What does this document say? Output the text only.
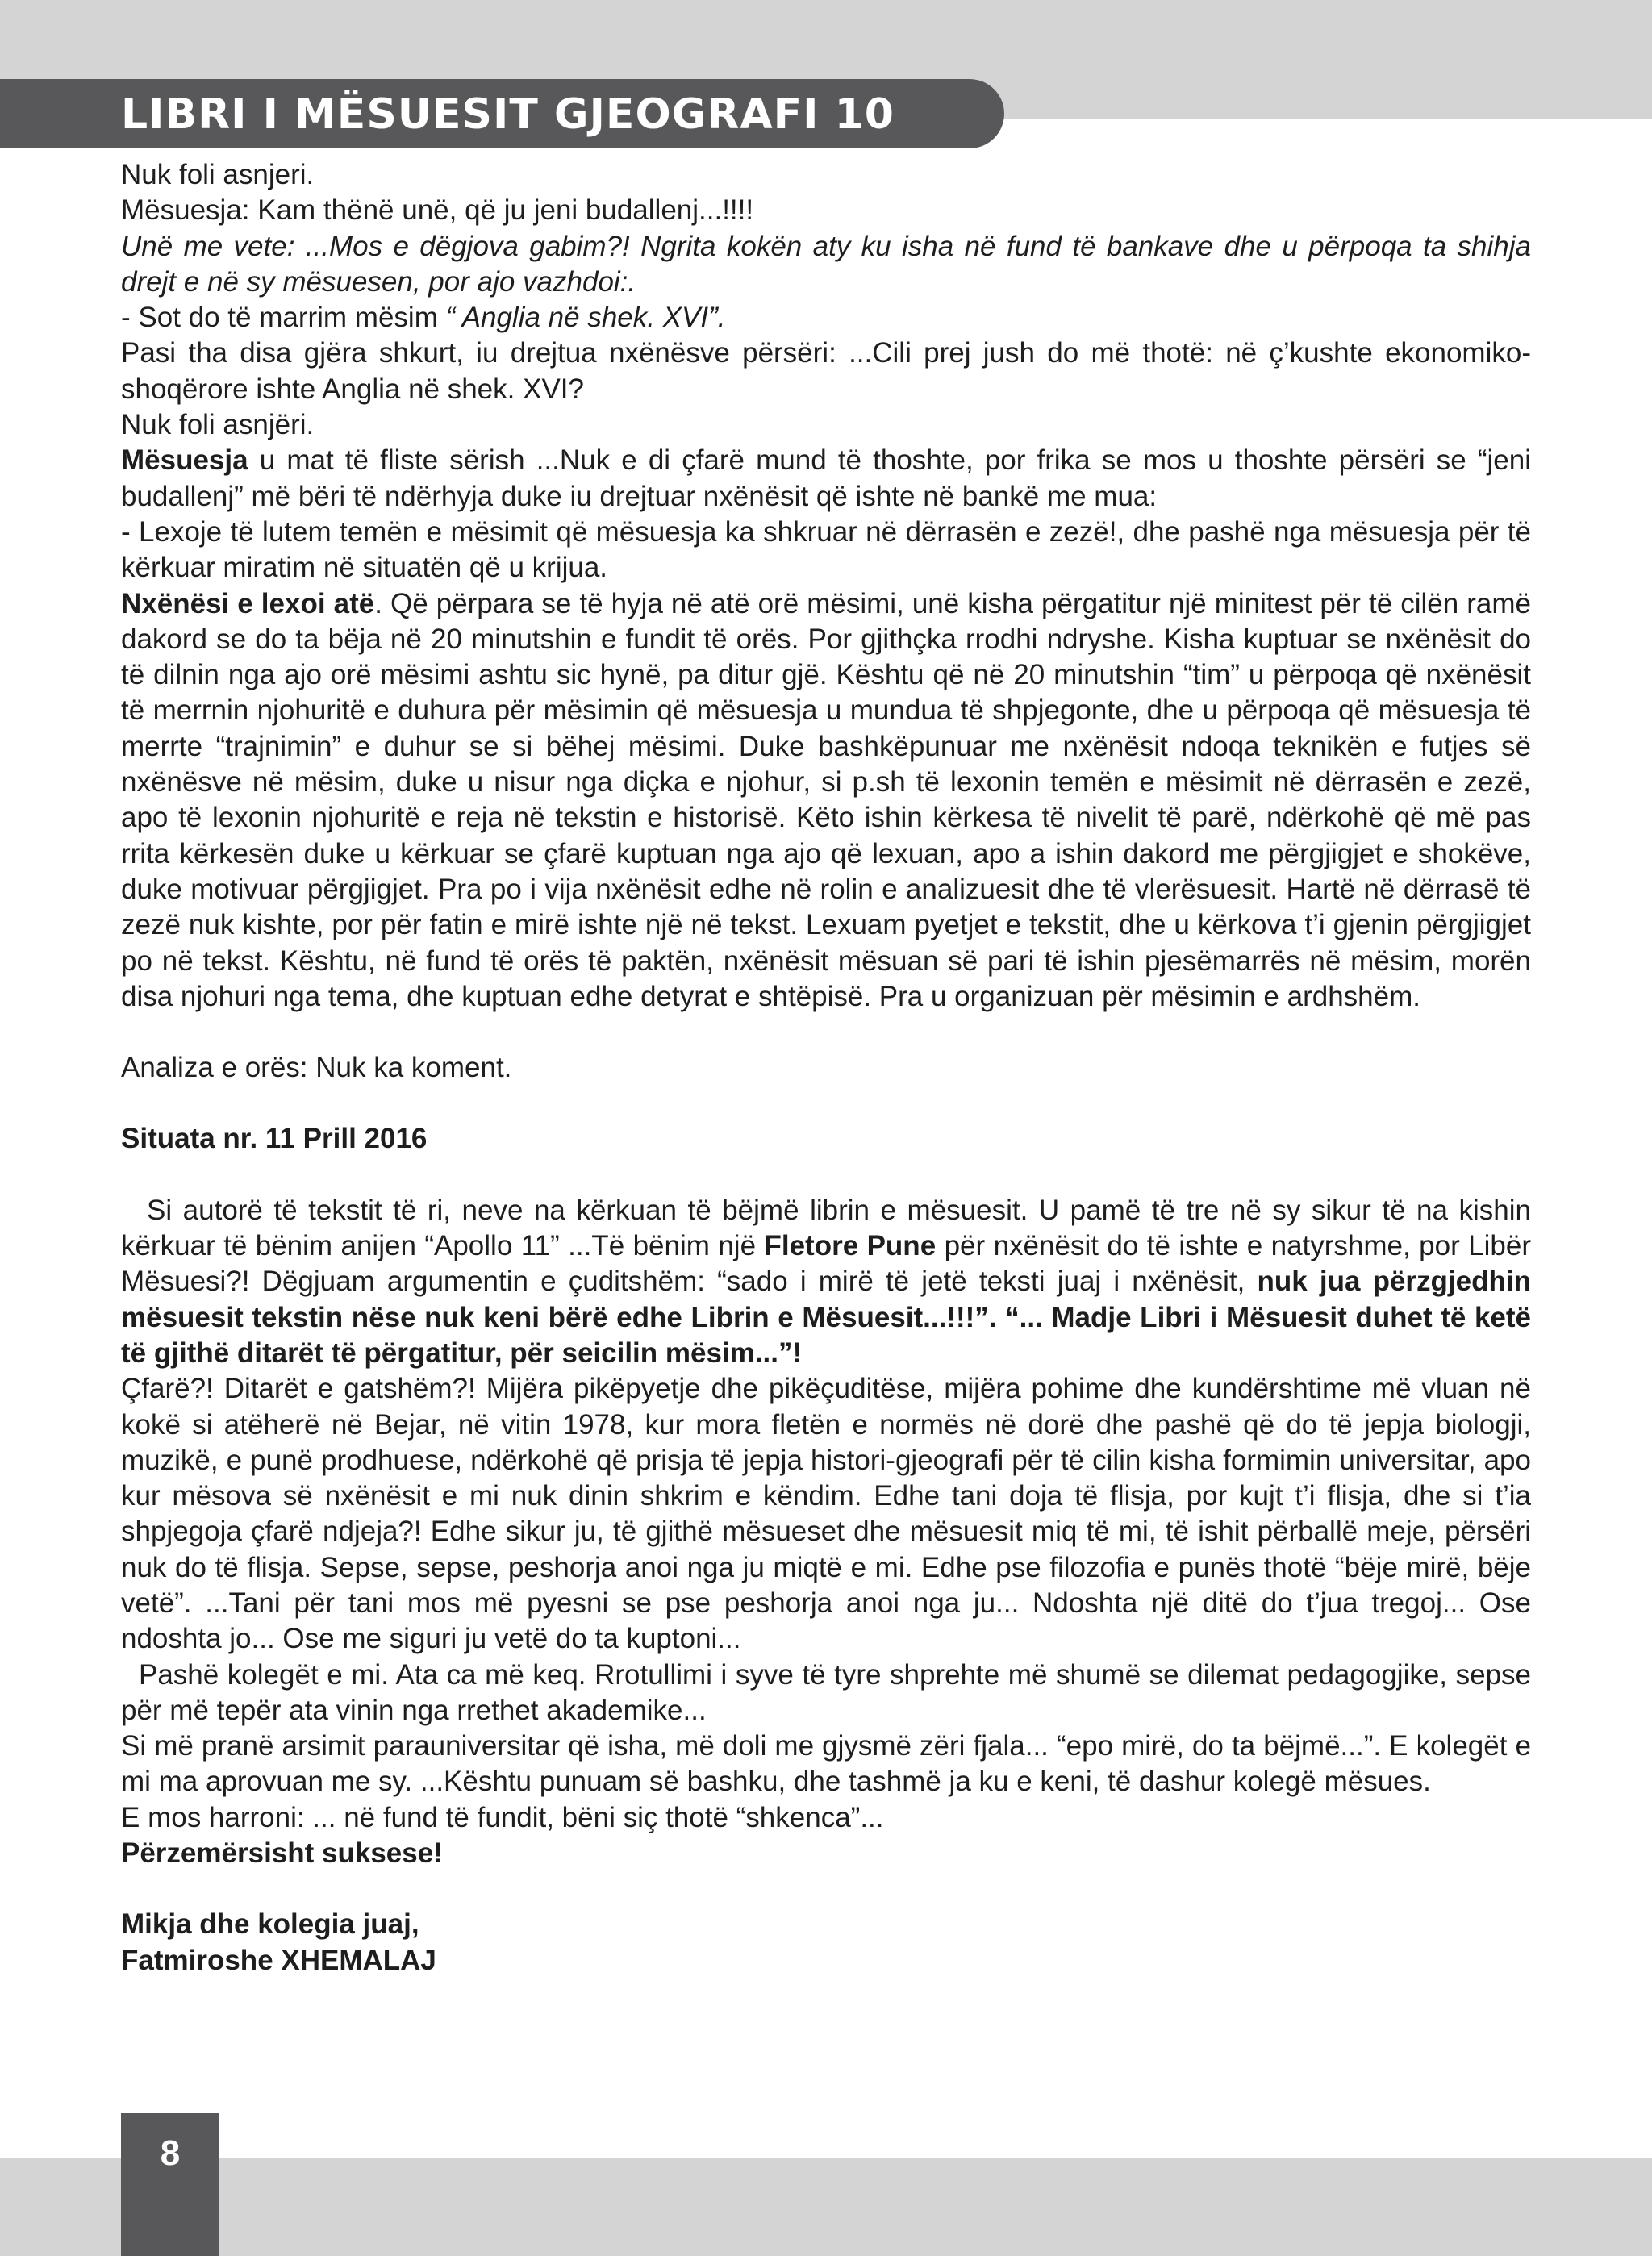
LIBRI I MËSUESIT GJEOGRAFI 10

Nuk foli asnjeri.

Mësuesja: Kam thënë unë, që ju jeni budallenj...!!!!

Unë me vete: ...Mos e dëgjova gabim?! Ngrita kokën aty ku isha në fund të bankave dhe u përpoqa ta shihja drejt e në sy mësuesen, por ajo vazhdoi:.

- Sot do të marrim mësim “ Anglia në shek. XVI”.

Pasi tha disa gjëra shkurt, iu drejtua nxënësve përsëri: ...Cili prej jush do më thotë: në ç’kushte ekonomiko-shoqërore ishte Anglia në shek. XVI?

Nuk foli asnjëri.

Mësuesja u mat të fliste sërish ...Nuk e di çfarë mund të thoshte, por frika se mos u thoshte përsëri se “jeni budallenj” më bëri të ndërhyja duke iu drejtuar nxënësit që ishte në bankë me mua:

- Lexoje të lutem temën e mësimit që mësuesja ka shkruar në dërrasën e zezë!, dhe pashë nga mësuesja për të kërkuar miratim në situatën që u krijua.

Nxënësi e lexoi atë. Që përpara se të hyja në atë orë mësimi, unë kisha përgatitur një minitest për të cilën ramë dakord se do ta bëja në 20 minutshin e fundit të orës. Por gjithçka rrodhi ndryshe. Kisha kuptuar se nxënësit do të dilnin nga ajo orë mësimi ashtu sic hynë, pa ditur gjë. Kështu që në 20 minutshin “tim” u përpoqa që nxënësit të merrnin njohuritë e duhura për mësimin që mësuesja u mundua të shpjegonte, dhe u përpoqa që mësuesja të merrte “trajnimin” e duhur se si bëhej mësimi. Duke bashkëpunuar me nxënësit ndoqa teknikën e futjes së nxënësve në mësim, duke u nisur nga diçka e njohur, si p.sh të lexonin temën e mësimit në dërrasën e zezë, apo të lexonin njohuritë e reja në tekstin e historisë. Këto ishin kërkesa të nivelit të parë, ndërkohë që më pas rrita kërkesën duke u kërkuar se çfarë kuptuan nga ajo që lexuan, apo a ishin dakord me përgjigjet e shokëve, duke motivuar përgjigjet. Pra po i vija nxënësit edhe në rolin e analizuesit dhe të vlerësuesit. Hartë në dërrasë të zezë nuk kishte, por për fatin e mirë ishte një në tekst. Lexuam pyetjet e tekstit, dhe u kërkova t’i gjenin përgjigjet po në tekst. Kështu, në fund të orës të paktën, nxënësit mësuan së pari të ishin pjesëmarrës në mësim, morën disa njohuri nga tema, dhe kuptuan edhe detyrat e shtëpisë. Pra u organizuan për mësimin e ardhshëm.

Analiza e orës: Nuk ka koment.

Situata nr. 11 Prill 2016

Si autorë të tekstit të ri, neve na kërkuan të bëjmë librin e mësuesit. U pamë të tre në sy sikur të na kishin kërkuar të bënim anijen “Apollo 11” ...Të bënim një Fletore Pune për nxënësit do të ishte e natyrshme, por Libër Mësuesi?! Dëgjuam argumentin e çuditshëm: “sado i mirë të jetë teksti juaj i nxënësit, nuk jua përzgjedhin mësuesit tekstin nëse nuk keni bërë edhe Librin e Mësuesit...!!!”. “... Madje Libri i Mësuesit duhet të ketë të gjithë ditarët të përgatitur, për seicilin mësim...”!

Çfarë?! Ditarët e gatshëm?! Mijëra pikëpyetje dhe pikëçuditëse, mijëra pohime dhe kundërshtime më vluan në kokë si atëherë në Bejar, në vitin 1978, kur mora fletën e normës në dorë dhe pashë që do të jepja biologji, muzikë, e punë prodhuese, ndërkohë që prisja të jepja histori-gjeografi për të cilin kisha formimin universitar, apo kur mësova së nxënësit e mi nuk dinin shkrim e këndim. Edhe tani doja të flisja, por kujt t’i flisja, dhe si t’ia shpjegoja çfarë ndjeja?! Edhe sikur ju, të gjithë mësueset dhe mësuesit miq të mi, të ishit përballë meje, përsëri nuk do të flisja. Sepse, sepse, peshorja anoi nga ju miqtë e mi. Edhe pse filozofia e punës thotë “bëje mirë, bëje vetë”. ...Tani për tani mos më pyesni se pse peshorja anoi nga ju... Ndoshta një ditë do t’jua tregoj... Ose ndoshta jo... Ose me siguri ju vetë do ta kuptoni...

Pashë kolegët e mi. Ata ca më keq. Rrotullimi i syve të tyre shprehte më shumë se dilemat pedagogjike, sepse për më tepër ata vinin nga rrethet akademike...

Si më pranë arsimit parauniversitar që isha, më doli me gjysmë zëri fjala... “epo mirë, do ta bëjmë...”. E kolegët e mi ma aprovuan me sy. ...Kështu punuam së bashku, dhe tashmë ja ku e keni, të dashur kolegë mësues.

E mos harroni: ... në fund të fundit, bëni siç thotë “shkenca”...

Përzemërsisht suksese!

Mikja dhe kolegia juaj,

Fatmiroshe XHEMALAJ

8
